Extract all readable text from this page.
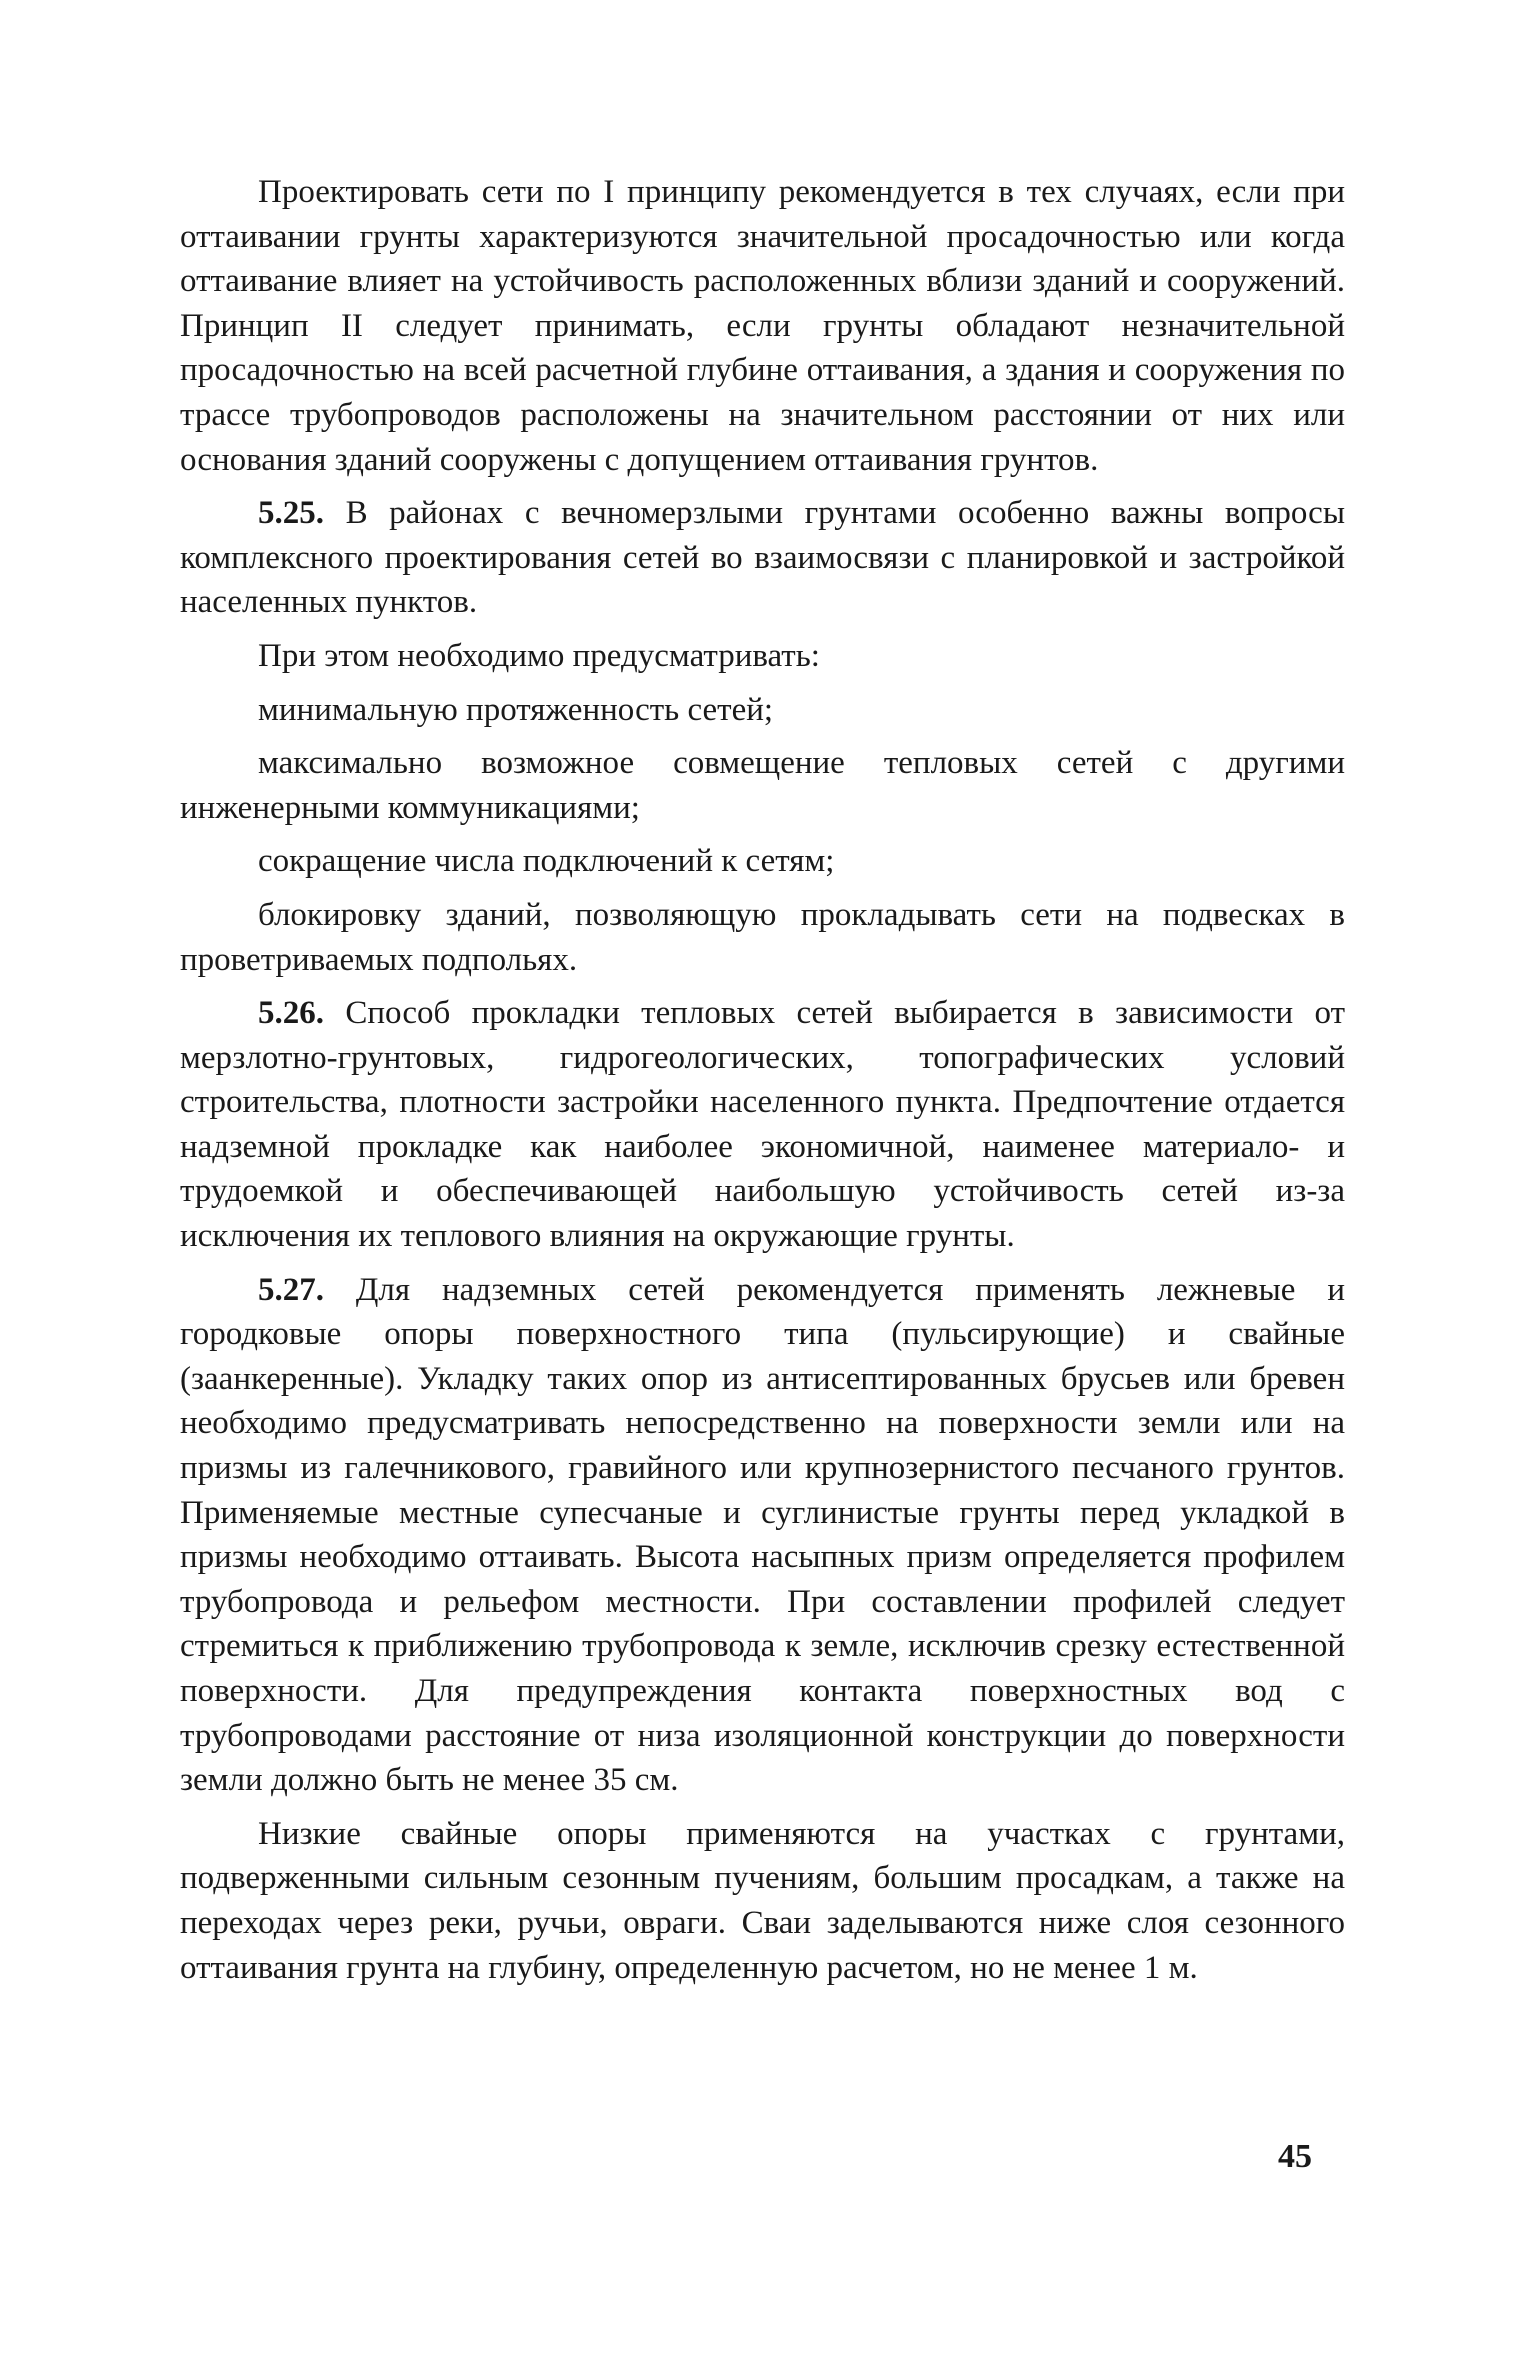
Проектировать сети по I принципу рекомендуется в тех случаях, если при оттаивании грунты характеризуются значительной просадочностью или когда оттаивание влияет на устойчивость расположенных вблизи зданий и сооружений. Принцип II следует принимать, если грунты обладают незначительной просадочностью на всей расчетной глубине оттаивания, а здания и сооружения по трассе трубопроводов расположены на значительном расстоянии от них или основания зданий сооружены с допущением оттаивания грунтов.

5.25. В районах с вечномерзлыми грунтами особенно важны вопросы комплексного проектирования сетей во взаимосвязи с планировкой и застройкой населенных пунктов.

При этом необходимо предусматривать:

минимальную протяженность сетей;

максимально возможное совмещение тепловых сетей с другими инженерными коммуникациями;

сокращение числа подключений к сетям;

блокировку зданий, позволяющую прокладывать сети на подвесках в проветриваемых подпольях.

5.26. Способ прокладки тепловых сетей выбирается в зависимости от мерзлотно-грунтовых, гидрогеологических, топографических условий строительства, плотности застройки населенного пункта. Предпочтение отдается надземной прокладке как наиболее экономичной, наименее материало- и трудоемкой и обеспечивающей наибольшую устойчивость сетей из-за исключения их теплового влияния на окружающие грунты.

5.27. Для надземных сетей рекомендуется применять лежневые и городковые опоры поверхностного типа (пульсирующие) и свайные (заанкеренные). Укладку таких опор из антисептированных брусьев или бревен необходимо предусматривать непосредственно на поверхности земли или на призмы из галечникового, гравийного или крупнозернистого песчаного грунтов. Применяемые местные супесчаные и суглинистые грунты перед укладкой в призмы необходимо оттаивать. Высота насыпных призм определяется профилем трубопровода и рельефом местности. При составлении профилей следует стремиться к приближению трубопровода к земле, исключив срезку естественной поверхности. Для предупреждения контакта поверхностных вод с трубопроводами расстояние от низа изоляционной конструкции до поверхности земли должно быть не менее 35 см.

Низкие свайные опоры применяются на участках с грунтами, подверженными сильным сезонным пучениям, большим просадкам, а также на переходах через реки, ручьи, овраги. Сваи заделываются ниже слоя сезонного оттаивания грунта на глубину, определенную расчетом, но не менее 1 м.

45
